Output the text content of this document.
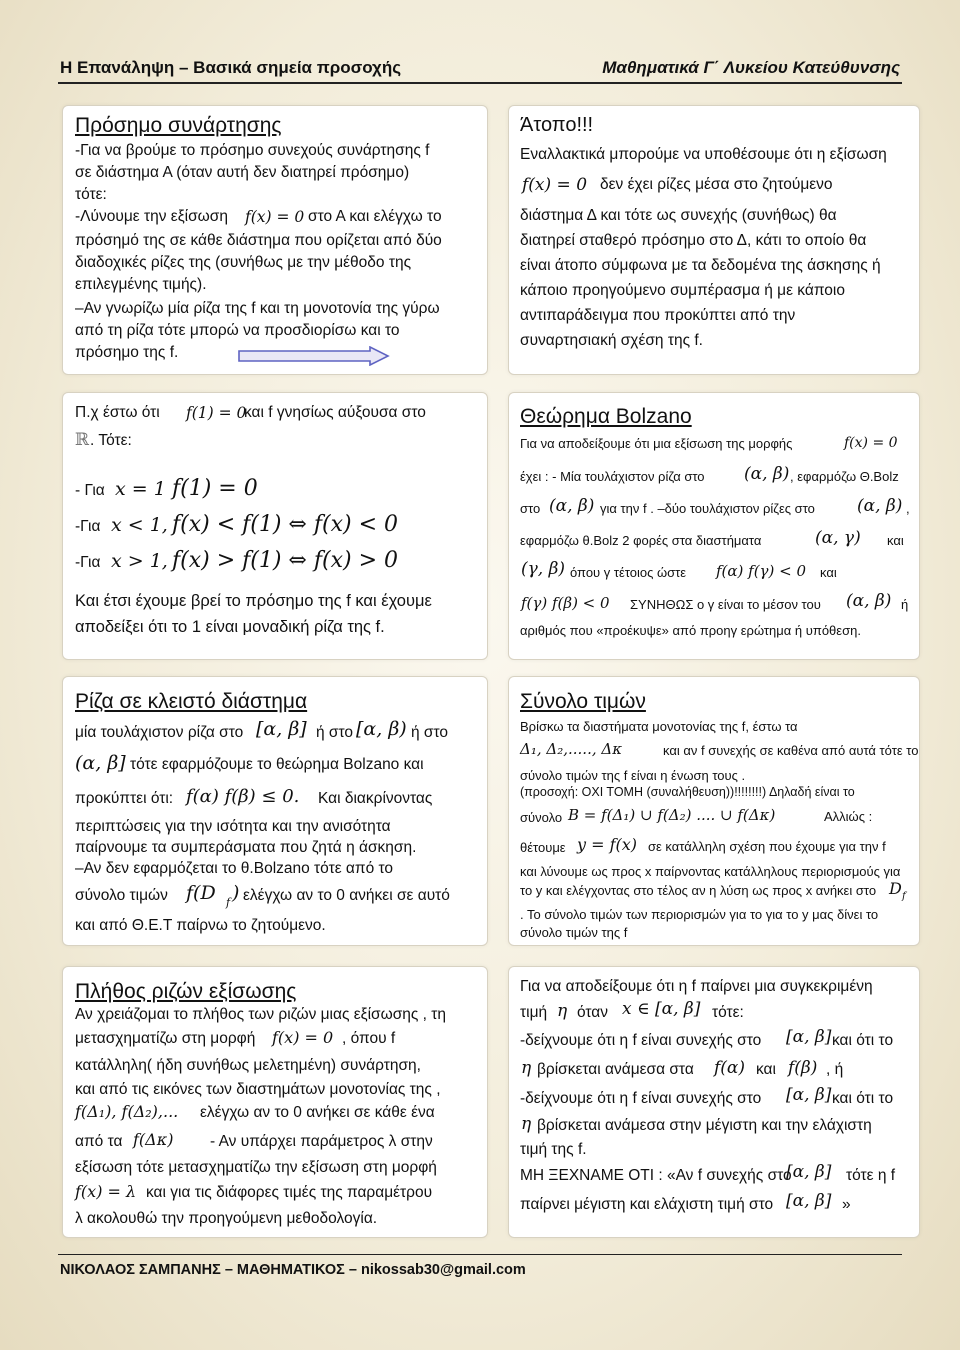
Η Επανάληψη – Βασικά σημεία προσοχής	Μαθηματικά Γ΄ Λυκείου Κατεύθυνσης
Πρόσημο συνάρτησης
-Για να βρούμε το πρόσημο συνεχούς συνάρτησης f
σε διάστημα Α (όταν αυτή δεν διατηρεί πρόσημο)
τότε:
-Λύνουμε την εξίσωση f(x) = 0 στο Α και ελέγχω το
πρόσημό της σε κάθε διάστημα που ορίζεται από δύο
διαδοχικές ρίζες της (συνήθως με την μέθοδο της
επιλεγμένης τιμής).
–Αν γνωρίζω μία ρίζα της f και τη μονοτονία της γύρω
από τη ρίζα τότε μπορώ να προσδιορίσω και το
πρόσημο της f.
Άτοπο!!!
Εναλλακτικά μπορούμε να υποθέσουμε ότι η εξίσωση
f(x) = 0 δεν έχει ρίζες μέσα στο ζητούμενο
διάστημα Δ και τότε ως συνεχής (συνήθως) θα
διατηρεί σταθερό πρόσημο στο Δ, κάτι το οποίο θα
είναι άτοπο σύμφωνα με τα δεδομένα της άσκησης ή
κάποιο προηγούμενο συμπέρασμα ή με κάποιο
αντιπαράδειγμα που προκύπτει από την
συναρτησιακή σχέση της f.
Π.χ έστω ότι f(1) = 0
και f γνησίως αύξουσα στο
ℝ . Τότε:
- Για x = 1 f(1) = 0
-Για x < 1, f(x) < f(1) ⇔ f(x) < 0
-Για x > 1, f(x) > f(1) ⇔ f(x) > 0
Και έτσι έχουμε βρεί το πρόσημο της f και έχουμε
αποδείξει ότι το 1 είναι μοναδική ρίζα της f.
Θεώρημα Bolzano
Για να αποδείξουμε ότι μια εξίσωση της μορφής	f(x) = 0
έχει : - Μία τουλάχιστον ρίζα στο (α, β) , εφαρμόζω Θ.Bolz
στο (α, β) για την f . –δύο τουλάχιστον ρίζες στο (α, β) ,
εφαρμόζω θ.Bolz 2 φορές στα διαστήματα	(α, γ) και
(γ, β) όπου γ τέτοιος ώστε f(α) f(γ) < 0 και
f(γ) f(β) < 0 ΣΥΝΗΘΩΣ ο γ είναι το μέσον του (α, β) ή
αριθμός που «προέκυψε» από προηγ ερώτημα ή υπόθεση.
Ρίζα σε κλειστό διάστημα
μία τουλάχιστον ρίζα στο [α, β] ή στο [α, β) ή στο
(α, β] τότε εφαρμόζουμε το θεώρημα Bolzano και
προκύπτει ότι: f(α) f(β) ≤ 0. Και διακρίνοντας
περιπτώσεις για την ισότητα και την ανισότητα
παίρνουμε τα συμπεράσματα που ζητά η άσκηση.
–Αν δεν εφαρμόζεται το θ.Bolzano τότε από το
σύνολο τιμών f(D f ) ελέγχω αν το 0 ανήκει σε αυτό
και από Θ.Ε.Τ παίρνω το ζητούμενο.
Σύνολο τιμών
Βρίσκω τα διαστήματα μονοτονίας της f, έστω τα
Δ₁, Δ₂,....., Δκ	και αν f συνεχής σε καθένα από αυτά τότε το
σύνολο τιμών της f είναι η ένωση τους .
(προσοχή: ΟΧΙ ΤΟΜΗ (συναλήθευση))!!!!!!!!) Δηλαδή είναι το
σύνολο B = f(Δ₁) ∪ f(Δ₂) .... ∪ f(Δκ)	Αλλιώς :
θέτουμε y = f(x) σε κατάλληλη σχέση που έχουμε για την f
και λύνουμε ως προς x παίρνοντας κατάλληλους περιορισμούς για
το y και ελέγχοντας στο τέλος αν η λύση ως προς x ανήκει στο D f
. Το σύνολο τιμών των περιορισμών για το για το y μας δίνει το
σύνολο τιμών της f
Πλήθος ριζών εξίσωσης
Αν χρειάζομαι το πλήθος των ριζών μιας εξίσωσης , τη
μετασχηματίζω στη μορφή f(x) = 0 , όπου f
κατάλληλη( ήδη συνήθως μελετημένη) συνάρτηση,
και από τις εικόνες των διαστημάτων μονοτονίας της ,
f(Δ₁), f(Δ₂),... ελέγχω αν το 0 ανήκει σε κάθε ένα
από τα f(Δκ) - Αν υπάρχει παράμετρος λ στην
εξίσωση τότε μετασχηματίζω την εξίσωση στη μορφή
f(x) = λ και για τις διάφορες τιμές της παραμέτρου
λ ακολουθώ την προηγούμενη μεθοδολογία.
Για να αποδείξουμε ότι η f παίρνει μια συγκεκριμένη
τιμή η όταν x ∈ [α, β] τότε:
-δείχνουμε ότι η f είναι συνεχής στο [α, β] και ότι το
η βρίσκεται ανάμεσα στα f(α) και f(β) , ή
-δείχνουμε ότι η f είναι συνεχής στο [α, β] και ότι το
η βρίσκεται ανάμεσα στην μέγιστη και την ελάχιστη
τιμή της f.
ΜΗ ΞΕΧΝΑΜΕ ΟΤΙ : «Αν f συνεχής στο
[α, β] τότε η f
παίρνει μέγιστη και ελάχιστη τιμή στο [α, β] »
ΝΙΚΟΛΑΟΣ ΣΑΜΠΑΝΗΣ – ΜΑΘΗΜΑΤΙΚΟΣ – nikossab30@gmail.com
